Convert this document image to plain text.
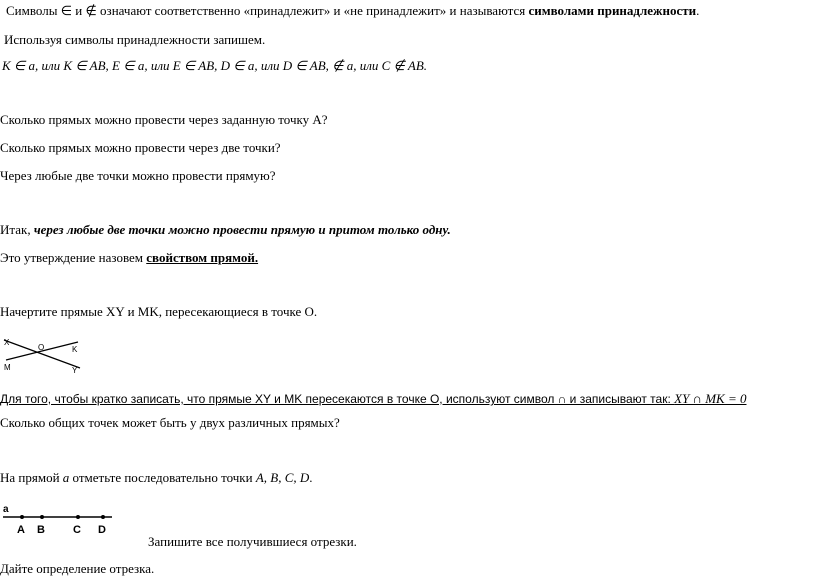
Символы ∈ и ∉ означают соответственно «принадлежит» и «не принадлежит» и называются символами принадлежности.
Используя символы принадлежности запишем.
K ∈ a, или K ∈ AB, E ∈ a, или E ∈ AB, D ∈ a, или D ∈ AB, ∉ a, или C ∉ AB.
Сколько прямых можно провести через заданную точку А?
Сколько прямых можно провести через две точки?
Через любые две точки можно провести прямую?
Итак, через любые две точки можно провести прямую и притом только одну.
Это утверждение назовем свойством прямой.
Начертите прямые XY и MK, пересекающиеся в точке О.
X
O	K
M	Y
Для того, чтобы кратко записать, что прямые XY и MK пересекаются в точке О, используют символ ∩ и записывают так: XY ∩ MK = 0
Сколько общих точек может быть у двух различных прямых?
На прямой a отметьте последовательно точки A, B, C, D.
a
A B	C D
Запишите все получившиеся отрезки.
Дайте определение отрезка.
